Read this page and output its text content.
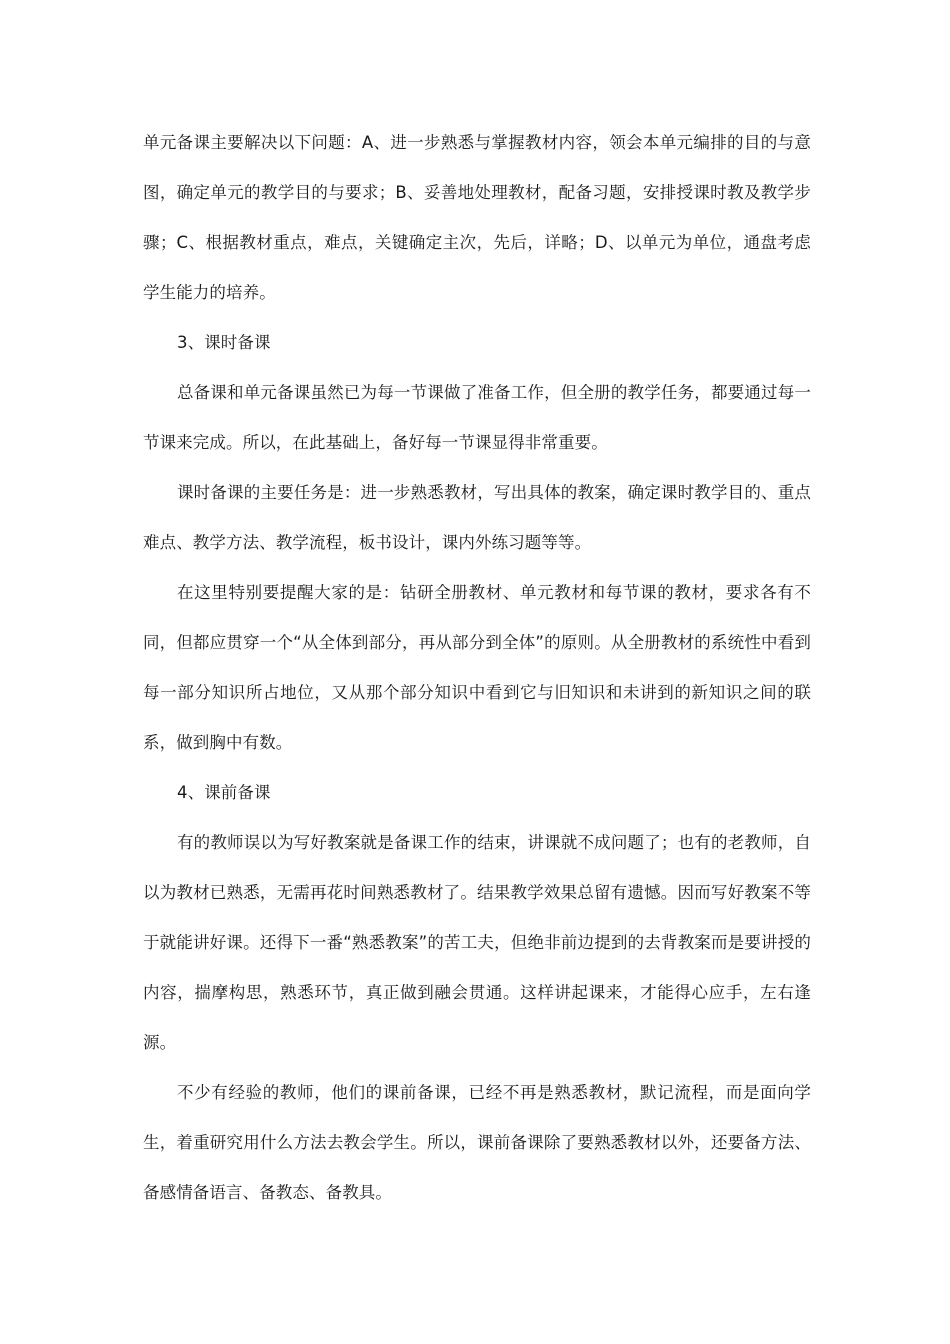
单元备课主要解决以下问题：A、进一步熟悉与掌握教材内容，领会本单元编排的目的与意图，确定单元的教学目的与要求；B、妥善地处理教材，配备习题，安排授课时教及教学步骤；C、根据教材重点，难点，关键确定主次，先后，详略；D、以单元为单位，通盘考虑学生能力的培养。

3、课时备课

总备课和单元备课虽然已为每一节课做了准备工作，但全册的教学任务，都要通过每一节课来完成。所以，在此基础上，备好每一节课显得非常重要。

课时备课的主要任务是：进一步熟悉教材，写出具体的教案，确定课时教学目的、重点难点、教学方法、教学流程，板书设计，课内外练习题等等。

在这里特别要提醒大家的是：钻研全册教材、单元教材和每节课的教材，要求各有不同，但都应贯穿一个“从全体到部分，再从部分到全体”的原则。从全册教材的系统性中看到每一部分知识所占地位，又从那个部分知识中看到它与旧知识和未讲到的新知识之间的联系，做到胸中有数。

4、课前备课

有的教师误以为写好教案就是备课工作的结束，讲课就不成问题了；也有的老教师，自以为教材已熟悉，无需再花时间熟悉教材了。结果教学效果总留有遗憾。因而写好教案不等于就能讲好课。还得下一番“熟悉教案”的苦工夫，但绝非前边提到的去背教案而是要讲授的内容，揣摩构思，熟悉环节，真正做到融会贯通。这样讲起课来，才能得心应手，左右逢源。

不少有经验的教师，他们的课前备课，已经不再是熟悉教材，默记流程，而是面向学生，着重研究用什么方法去教会学生。所以，课前备课除了要熟悉教材以外，还要备方法、备感情备语言、备教态、备教具。
